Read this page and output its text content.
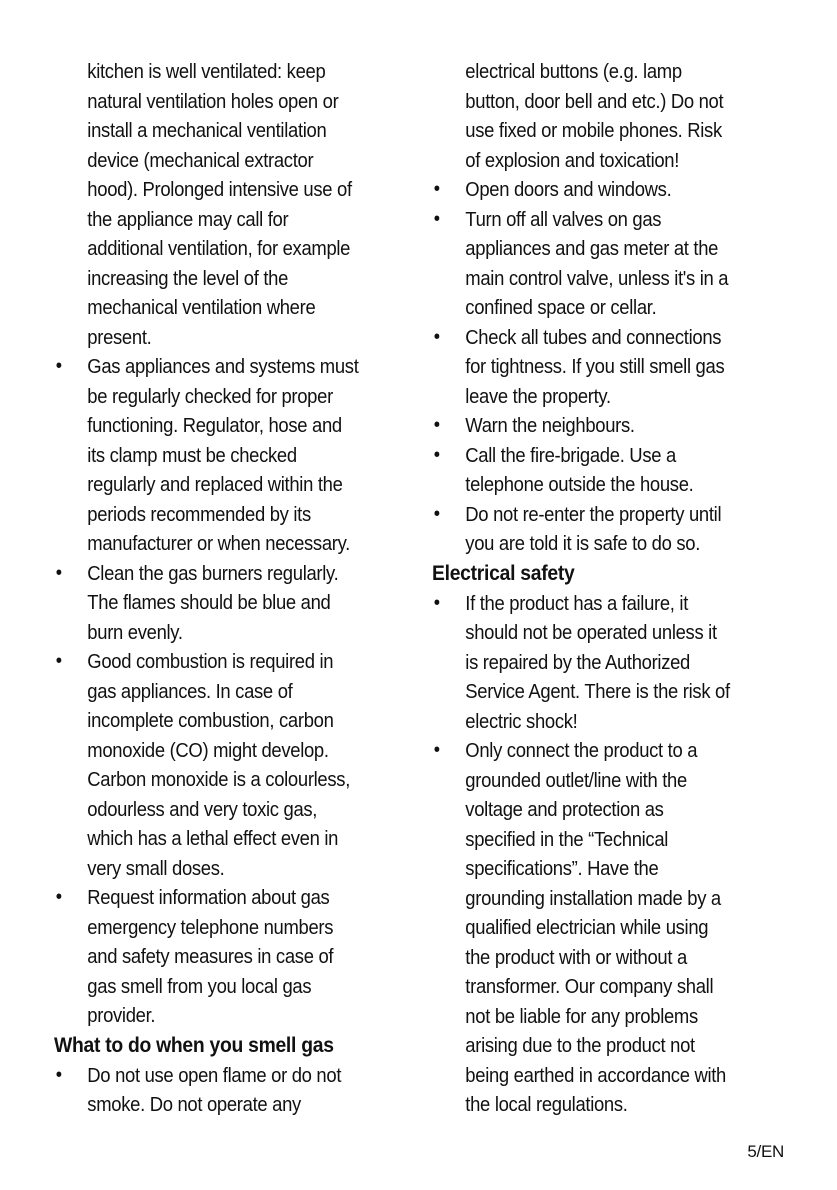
kitchen is well ventilated: keep
natural ventilation holes open or
install a mechanical ventilation
device (mechanical extractor
hood). Prolonged intensive use of
the appliance may call for
additional ventilation, for example
increasing the level of the
mechanical ventilation where
present.
• Gas appliances and systems must
be regularly checked for proper
functioning. Regulator, hose and
its clamp must be checked
regularly and replaced within the
periods recommended by its
manufacturer or when necessary.
• Clean the gas burners regularly.
The flames should be blue and
burn evenly.
• Good combustion is required in
gas appliances. In case of
incomplete combustion, carbon
monoxide (CO) might develop.
Carbon monoxide is a colourless,
odourless and very toxic gas,
which has a lethal effect even in
very small doses.
• Request information about gas
emergency telephone numbers
and safety measures in case of
gas smell from you local gas
provider.
What to do when you smell gas
• Do not use open flame or do not
smoke. Do not operate any
electrical buttons (e.g. lamp
button, door bell and etc.) Do not
use fixed or mobile phones. Risk
of explosion and toxication!
• Open doors and windows.
• Turn off all valves on gas
appliances and gas meter at the
main control valve, unless it's in a
confined space or cellar.
• Check all tubes and connections
for tightness. If you still smell gas
leave the property.
• Warn the neighbours.
• Call the fire-brigade. Use a
telephone outside the house.
• Do not re-enter the property until
you are told it is safe to do so.
Electrical safety
• If the product has a failure, it
should not be operated unless it
is repaired by the Authorized
Service Agent. There is the risk of
electric shock!
• Only connect the product to a
grounded outlet/line with the
voltage and protection as
specified in the “Technical
specifications”. Have the
grounding installation made by a
qualified electrician while using
the product with or without a
transformer. Our company shall
not be liable for any problems
arising due to the product not
being earthed in accordance with
the local regulations.
5/EN
